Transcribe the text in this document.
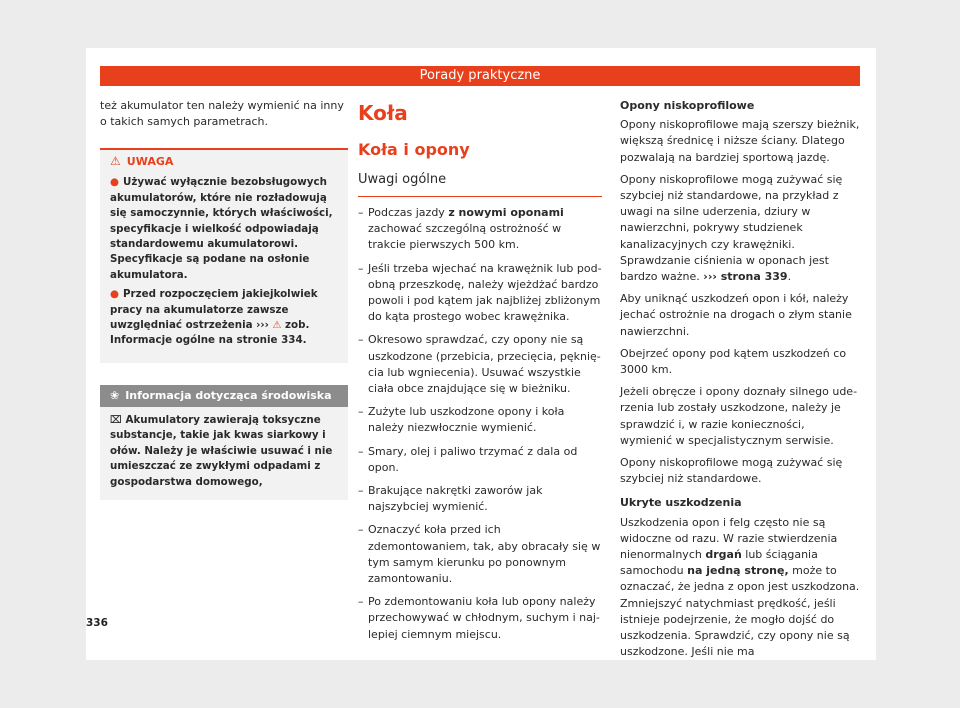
Porady praktyczne

też akumulator ten należy wymienić na inny o takich samych parametrach.

⚠ UWAGA
● Używać wyłącznie bezobsługowych akumulatorów, które nie rozładowują się samoczynnie, których właściwości, specyfikacje i wielkość odpowiadają standardowemu akumulatorowi. Specyfikacje są podane na osłonie akumulatora.
● Przed rozpoczęciem jakiejkolwiek pracy na akumulatorze zawsze uwzględniać ostrzeżenia ››› ⚠ zob. Informacje ogólne na stronie 334.
❀ Informacja dotycząca środowiska
⌧ Akumulatory zawierają toksyczne substancje, takie jak kwas siarkowy i ołów. Należy je właściwie usuwać i nie umieszczać ze zwykłymi odpadami z gospodarstwa domowego,
Koła
Koła i opony
Uwagi ogólne
– Podczas jazdy z nowymi oponami zachować szczególną ostrożność w trakcie pierwszych 500 km.
– Jeśli trzeba wjechać na krawężnik lub podobną przeszkodę, należy wjeżdżać bardzo powoli i pod kątem jak najbliżej zbliżonym do kąta prostego wobec krawężnika.
– Okresowo sprawdzać, czy opony nie są uszkodzone (przebicia, przecięcia, pęknięcia lub wgniecenia). Usuwać wszystkie ciała obce znajdujące się w bieżniku.
– Zużyte lub uszkodzone opony i koła należy niezwłocznie wymienić.
– Smary, olej i paliwo trzymać z dala od opon.
– Brakujące nakrętki zaworów jak najszybciej wymienić.
– Oznaczyć koła przed ich zdemontowaniem, tak, aby obracały się w tym samym kierunku po ponownym zamontowaniu.
– Po zdemontowaniu koła lub opony należy przechowywać w chłodnym, suchym i najlepiej ciemnym miejscu.
Opony niskoprofilowe

Opony niskoprofilowe mają szerszy bieżnik, większą średnicę i niższe ściany. Dlatego pozwalają na bardziej sportową jazdę.

Opony niskoprofilowe mogą zużywać się szybciej niż standardowe, na przykład z uwagi na silne uderzenia, dziury w nawierzchni, pokrywy studzienek kanalizacyjnych czy krawężniki. Sprawdzanie ciśnienia w oponach jest bardzo ważne. ››› strona 339.

Aby uniknąć uszkodzeń opon i kół, należy jechać ostrożnie na drogach o złym stanie nawierzchni.

Obejrzeć opony pod kątem uszkodzeń co 3000 km.

Jeżeli obręcze i opony doznały silnego uderzenia lub zostały uszkodzone, należy je sprawdzić i, w razie konieczności, wymienić w specjalistycznym serwisie.

Opony niskoprofilowe mogą zużywać się szybciej niż standardowe.

Ukryte uszkodzenia

Uszkodzenia opon i felg często nie są widoczne od razu. W razie stwierdzenia nienormalnych drgań lub ściągania samochodu na jedną stronę, może to oznaczać, że jedna z opon jest uszkodzona. Zmniejszyć natychmiast prędkość, jeśli istnieje podejrzenie, że mogło dojść do uszkodzenia. Sprawdzić, czy opony nie są uszkodzone. Jeśli nie ma

336
